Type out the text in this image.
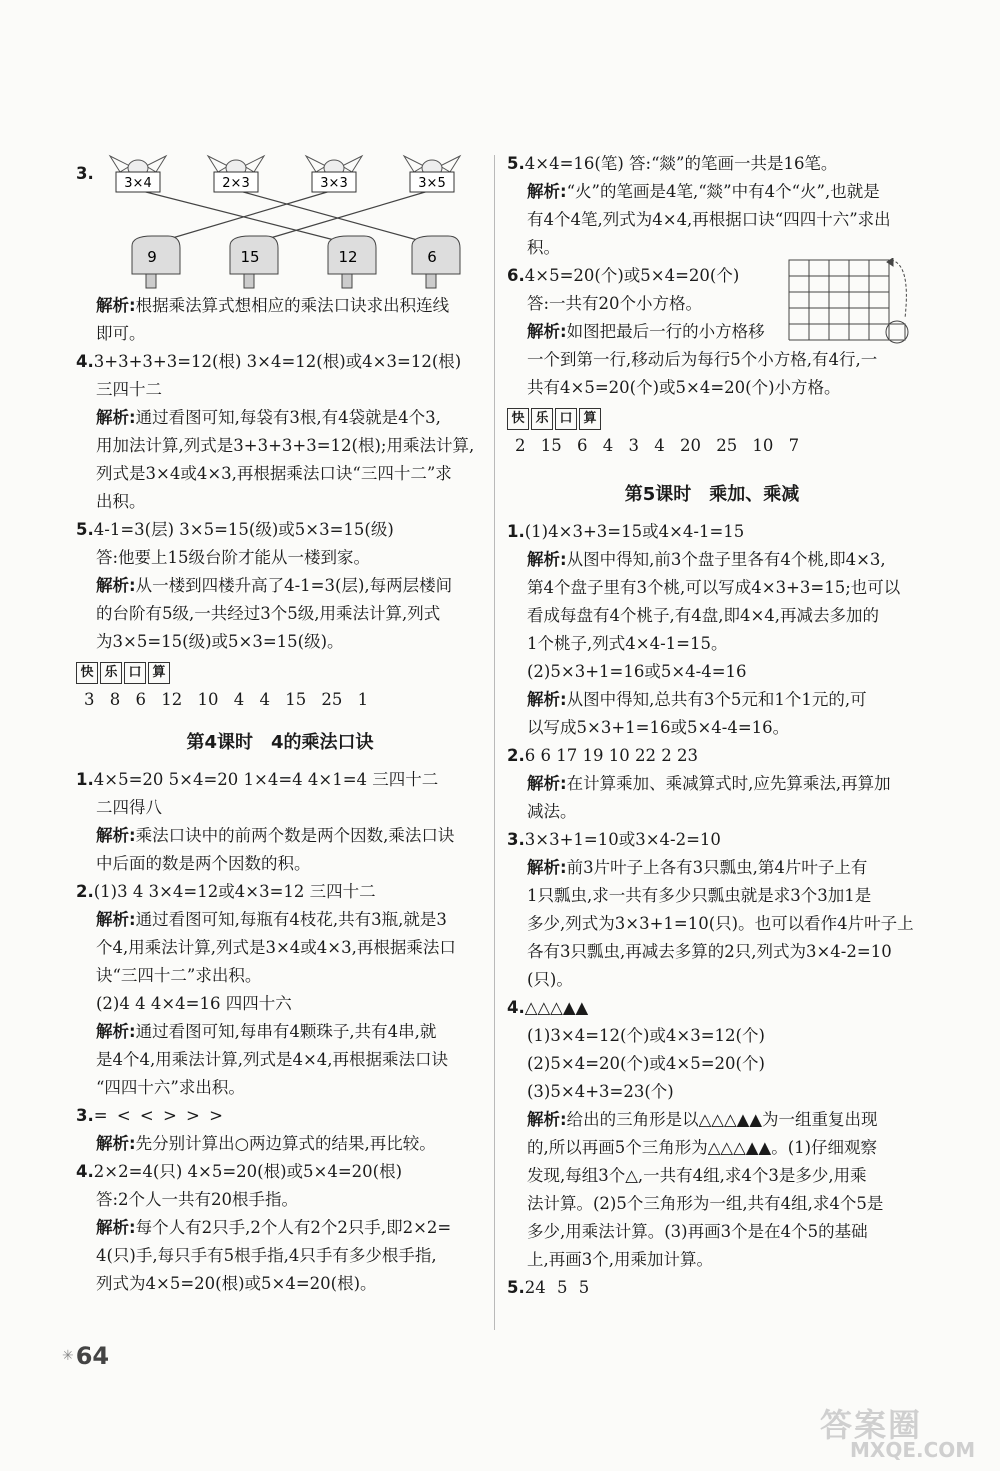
3.
3×4	2×3	3×3	3×5
9	15	12	6
解析:根据乘法算式想相应的乘法口诀求出积连线
即可。
4.3+3+3+3=12(根) 3×4=12(根)或4×3=12(根)
三四十二
解析:通过看图可知,每袋有3根,有4袋就是4个3,
用加法计算,列式是3+3+3+3=12(根);用乘法计算,
列式是3×4或4×3,再根据乘法口诀“三四十二”求
出积。
5.4-1=3(层) 3×5=15(级)或5×3=15(级)
答:他要上15级台阶才能从一楼到家。
解析:从一楼到四楼升高了4-1=3(层),每两层楼间
的台阶有5级,一共经过3个5级,用乘法计算,列式
为3×5=15(级)或5×3=15(级)。
快 乐 口 算
3 8 6 12 10 4 4 15 25 1
第4课时　4的乘法口诀
1.4×5=20 5×4=20 1×4=4 4×1=4 三四十二
二四得八
解析:乘法口诀中的前两个数是两个因数,乘法口诀
中后面的数是两个因数的积。
2.(1)3 4 3×4=12或4×3=12 三四十二
解析:通过看图可知,每瓶有4枝花,共有3瓶,就是3
个4,用乘法计算,列式是3×4或4×3,再根据乘法口
诀“三四十二”求出积。
(2)4 4 4×4=16 四四十六
解析:通过看图可知,每串有4颗珠子,共有4串,就
是4个4,用乘法计算,列式是4×4,再根据乘法口诀
“四四十六”求出积。
3.= < < > > >
解析:先分别计算出○两边算式的结果,再比较。
4.2×2=4(只) 4×5=20(根)或5×4=20(根)
答:2个人一共有20根手指。
解析:每个人有2只手,2个人有2个2只手,即2×2=
4(只)手,每只手有5根手指,4只手有多少根手指,
列式为4×5=20(根)或5×4=20(根)。
5.4×4=16(笔) 答:“燚”的笔画一共是16笔。
解析:“火”的笔画是4笔,“燚”中有4个“火”,也就是
有4个4笔,列式为4×4,再根据口诀“四四十六”求出
积。
6.4×5=20(个)或5×4=20(个)
答:一共有20个小方格。
解析:如图把最后一行的小方格移
一个到第一行,移动后为每行5个小方格,有4行,一
共有4×5=20(个)或5×4=20(个)小方格。
快 乐 口 算
2 15 6 4 3 4 20 25 10 7
第5课时　乘加、乘减
1.(1)4×3+3=15或4×4-1=15
解析:从图中得知,前3个盘子里各有4个桃,即4×3,
第4个盘子里有3个桃,可以写成4×3+3=15;也可以
看成每盘有4个桃子,有4盘,即4×4,再减去多加的
1个桃子,列式4×4-1=15。
(2)5×3+1=16或5×4-4=16
解析:从图中得知,总共有3个5元和1个1元的,可
以写成5×3+1=16或5×4-4=16。
2.6 6 17 19 10 22 2 23
解析:在计算乘加、乘减算式时,应先算乘法,再算加
减法。
3.3×3+1=10或3×4-2=10
解析:前3片叶子上各有3只瓢虫,第4片叶子上有
1只瓢虫,求一共有多少只瓢虫就是求3个3加1是
多少,列式为3×3+1=10(只)。也可以看作4片叶子上
各有3只瓢虫,再减去多算的2只,列式为3×4-2=10
(只)。
4.△△△▲▲
(1)3×4=12(个)或4×3=12(个)
(2)5×4=20(个)或4×5=20(个)
(3)5×4+3=23(个)
解析:给出的三角形是以△△△▲▲为一组重复出现
的,所以再画5个三角形为△△△▲▲。(1)仔细观察
发现,每组3个△,一共有4组,求4个3是多少,用乘
法计算。(2)5个三角形为一组,共有4组,求4个5是
多少,用乘法计算。(3)再画3个是在4个5的基础
上,再画3个,用乘加计算。
5.24 5 5
✳ 64
答案圈
MXQE.COM
